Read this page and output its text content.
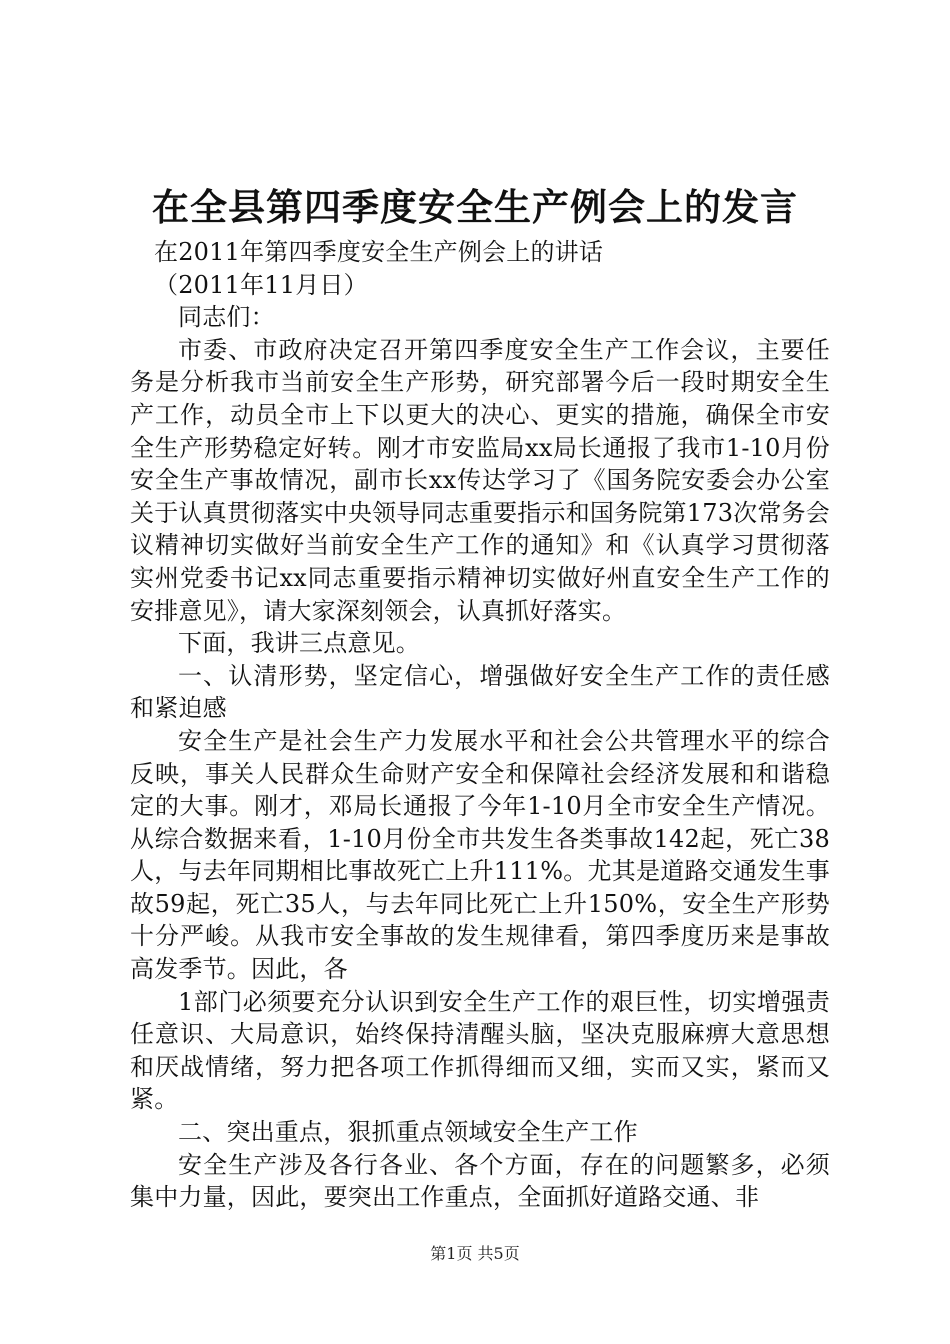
在全县第四季度安全生产例会上的发言

在2011年第四季度安全生产例会上的讲话

（2011年11月日）

同志们：

市委、市政府决定召开第四季度安全生产工作会议，主要任务是分析我市当前安全生产形势，研究部署今后一段时期安全生产工作，动员全市上下以更大的决心、更实的措施，确保全市安全生产形势稳定好转。刚才市安监局xx局长通报了我市1-10月份安全生产事故情况，副市长xx传达学习了《国务院安委会办公室关于认真贯彻落实中央领导同志重要指示和国务院第173次常务会议精神切实做好当前安全生产工作的通知》和《认真学习贯彻落实州党委书记xx同志重要指示精神切实做好州直安全生产工作的安排意见》，请大家深刻领会，认真抓好落实。

下面，我讲三点意见。

一、认清形势，坚定信心，增强做好安全生产工作的责任感和紧迫感

安全生产是社会生产力发展水平和社会公共管理水平的综合反映，事关人民群众生命财产安全和保障社会经济发展和和谐稳定的大事。刚才，邓局长通报了今年1-10月全市安全生产情况。从综合数据来看，1-10月份全市共发生各类事故142起，死亡38人，与去年同期相比事故死亡上升111%。尤其是道路交通发生事故59起，死亡35人，与去年同比死亡上升150%，安全生产形势十分严峻。从我市安全事故的发生规律看，第四季度历来是事故高发季节。因此，各

1部门必须要充分认识到安全生产工作的艰巨性，切实增强责任意识、大局意识，始终保持清醒头脑，坚决克服麻痹大意思想和厌战情绪，努力把各项工作抓得细而又细，实而又实，紧而又紧。

二、突出重点，狠抓重点领域安全生产工作

安全生产涉及各行各业、各个方面，存在的问题繁多，必须集中力量，因此，要突出工作重点，全面抓好道路交通、非

第1页 共5页
